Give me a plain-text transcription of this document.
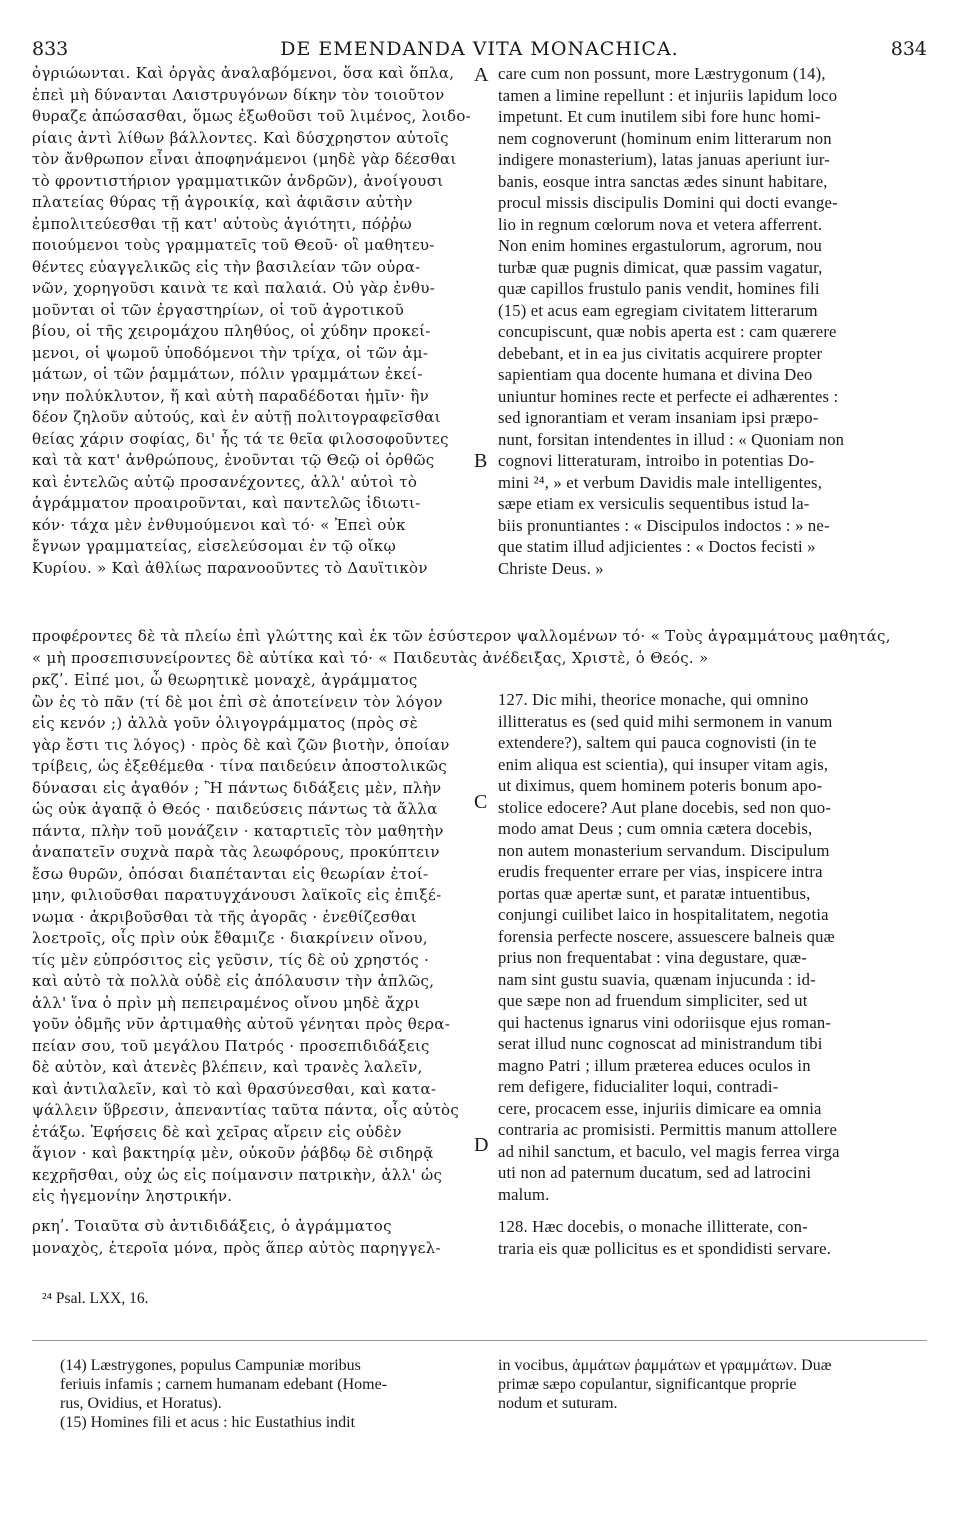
833	DE EMENDANDA VITA MONACHICA.	834
ὀγριώωνται. Καὶ ὀργὰς ἀναλαβόμενοι, ὅσα καὶ ὅπλα,
ἐπεὶ μὴ δύνανται Λαιστρυγόνων δίκην τὸν τοιοῦτον
θυραζε ἀπώσασθαι, ὅμως ἐξωθοῦσι τοῦ λιμένος, λοιδο-
ρίαις ἀντὶ λίθων βάλλοντες. Καὶ δύσχρηστον αὐτοῖς
τὸν ἄνθρωπον εἶναι ἀποφηνάμενοι (μηδὲ γὰρ δέεσθαι
τὸ φροντιστήριον γραμματικῶν ἀνδρῶν), ἀνοίγουσι
πλατείας θύρας τῇ ἀγροικίᾳ, καὶ ἀφιᾶσιν αὐτὴν
ἐμπολιτεύεσθαι τῇ κατ' αὐτοὺς ἁγιότητι, πόῤῥω
ποιούμενοι τοὺς γραμματεῖς τοῦ Θεοῦ· οἳ μαθητευ-
θέντες εὐαγγελικῶς εἰς τὴν βασιλείαν τῶν οὐρα-
νῶν, χορηγοῦσι καινὰ τε καὶ παλαιά. Οὐ γὰρ ἐνθυ-
μοῦνται οἱ τῶν ἐργαστηρίων, οἱ τοῦ ἀγροτικοῦ
βίου, οἱ τῆς χειρομάχου πληθύος, οἱ χύδην προκεί-
μενοι, οἱ ψωμοῦ ὑποδόμενοι τὴν τρίχα, οἱ τῶν ἀμ-
μάτων, οἱ τῶν ῥαμμάτων, πόλιν γραμμάτων ἐκεί-
νην πολύκλυτον, ἥ καὶ αὐτὴ παραδέδοται ἡμῖν· ἣν
δέον ζηλοῦν αὐτούς, καὶ ἐν αὐτῇ πολιτογραφεῖσθαι
θείας χάριν σοφίας, δι' ἧς τά τε θεῖα φιλοσοφοῦντες
καὶ τὰ κατ' ἀνθρώπους, ἑνοῦνται τῷ Θεῷ οἱ ὀρθῶς
καὶ ἐντελῶς αὐτῷ προσανέχοντες, ἀλλ' αὐτοὶ τὸ
ἀγράμματον προαιροῦνται, καὶ παντελῶς ἰδιωτι-
κόν· τάχα μὲν ἐνθυμούμενοι καὶ τό· « Ἐπεὶ οὐκ
ἔγνων γραμματείας, εἰσελεύσομαι ἐν τῷ οἴκῳ
Κυρίου. » Καὶ ἀθλίως παρανοοῦντες τὸ Δαυϊτικὸν
care cum non possunt, more Læstrygonum (14),
tamen a limine repellunt : et injuriis lapidum loco
impetunt. Et cum inutilem sibi fore hunc homi-
nem cognoverunt (hominum enim litterarum non
indigere monasterium), latas januas aperiunt iur-
banis, eosque intra sanctas ædes sinunt habitare,
procul missis discipulis Domini qui docti evange-
lio in regnum cœlorum nova et vetera afferrent.
Non enim homines ergastulorum, agrorum, nou
turbæ quæ pugnis dimicat, quæ passim vagatur,
quæ capillos frustulo panis vendit, homines fili
(15) et acus eam egregiam civitatem litterarum
concupiscunt, quæ nobis aperta est : cam quærere
debebant, et in ea jus civitatis acquirere propter
sapientiam qua docente humana et divina Deo
uniuntur homines recte et perfecte ei adhærentes :
sed ignorantiam et veram insaniam ipsi præpo-
nunt, forsitan intendentes in illud : « Quoniam non
cognovi litteraturam, introibo in potentias Do-
mini ²⁴, » et verbum Davidis male intelligentes,
sæpe etiam ex versiculis sequentibus istud la-
biis pronuntiantes : « Discipulos indoctos : » ne-
que statim illud adjicientes : « Doctos fecisti »
Christe Deus. »
προφέροντες δὲ τὰ πλείω ἐπὶ γλώττης καὶ ἐκ τῶν ἑσύστερον ψαλλομένων τό· « Τοὺς ἀγραμμάτους μαθητάς,
« μὴ προσεπισυνείροντες δὲ αὐτίκα καὶ τό· « Παιδευτὰς ἀνέδειξας, Χριστὲ, ὁ Θεός. »
ρκζʹ. Εἰπέ μοι, ὦ θεωρητικὲ μοναχὲ, ἀγράμματος
ὢν ἐς τὸ πᾶν (τί δὲ μοι ἐπὶ σὲ ἀποτείνειν τὸν λόγον
εἰς κενόν ;) ἀλλὰ γοῦν ὀλιγογράμματος (πρὸς σὲ
γὰρ ἔστι τις λόγος) · πρὸς δὲ καὶ ζῶν βιοτὴν, ὁποίαν
τρίβεις, ὡς ἐξεθέμεθα · τίνα παιδεύειν ἀποστολικῶς
δύνασαι εἰς ἀγαθόν ; Ἢ πάντως διδάξεις μὲν, πλὴν
ὡς οὐκ ἀγαπᾷ ὁ Θεός · παιδεύσεις πάντως τὰ ἄλλα
πάντα, πλὴν τοῦ μονάζειν · καταρτιεῖς τὸν μαθητὴν
ἀναπατεῖν συχνὰ παρὰ τὰς λεωφόρους, προκύπτειν
ἔσω θυρῶν, ὁπόσαι διαπέτανται εἰς θεωρίαν ἑτοί-
μην, φιλιοῦσθαι παρατυγχάνουσι λαϊκοῖς εἰς ἐπιξέ-
νωμα · ἀκριβοῦσθαι τὰ τῆς ἀγορᾶς · ἐνεθίζεσθαι
λοετροῖς, οἷς πρὶν οὐκ ἔθαμιζε · διακρίνειν οἴνου,
τίς μὲν εὐπρόσιτος εἰς γεῦσιν, τίς δὲ οὐ χρηστός ·
καὶ αὐτὸ τὰ πολλὰ οὐδὲ εἰς ἀπόλαυσιν τὴν ἁπλῶς,
ἀλλ' ἵνα ὁ πρὶν μὴ πεπειραμένος οἴνου μηδὲ ἄχρι
γοῦν ὀδμῆς νῦν ἀρτιμαθὴς αὐτοῦ γένηται πρὸς θερα-
πείαν σου, τοῦ μεγάλου Πατρός · προσεπιδιδάξεις
δὲ αὐτὸν, καὶ ἀτενὲς βλέπειν, καὶ τρανὲς λαλεῖν,
καὶ ἀντιλαλεῖν, καὶ τὸ καὶ θρασύνεσθαι, καὶ κατα-
ψάλλειν ὕβρεσιν, ἀπεναντίας ταῦτα πάντα, οἷς αὐτὸς
ἐτάξω. Ἐφήσεις δὲ καὶ χεῖρας αἴρειν εἰς οὐδὲν
ἅγιον · καὶ βακτηρίᾳ μὲν, οὐκοῦν ῥάβδῳ δὲ σιδηρᾷ
κεχρῆσθαι, οὐχ ὡς εἰς ποίμανσιν πατρικὴν, ἀλλ' ὡς
εἰς ἡγεμονίην ληστρικήν.
127. Dic mihi, theorice monache, qui omnino
illitteratus es (sed quid mihi sermonem in vanum
extendere?), saltem qui pauca cognovisti (in te
enim aliqua est scientia), qui insuper vitam agis,
ut diximus, quem hominem poteris bonum apo-
stolice edocere? Aut plane docebis, sed non quo-
modo amat Deus ; cum omnia cætera docebis,
non autem monasterium servandum. Discipulum
erudis frequenter errare per vias, inspicere intra
portas quæ apertæ sunt, et paratæ intuentibus,
conjungi cuilibet laico in hospitalitatem, negotia
forensia perfecte noscere, assuescere balneis quæ
prius non frequentabat : vina degustare, quæ-
nam sint gustu suavia, quænam injucunda : id-
que sæpe non ad fruendum simpliciter, sed ut
qui hactenus ignarus vini odoriisque ejus roman-
serat illud nunc cognoscat ad ministrandum tibi
magno Patri ; illum præterea educes oculos in
rem defigere, fiducialiter loqui, contradi-
cere, procacem esse, injuriis dimicare ea omnia
contraria ac promisisti. Permittis manum attollere
ad nihil sanctum, et baculo, vel magis ferrea virga
uti non ad paternum ducatum, sed ad latrocini
malum.
ρκηʹ. Τοιαῦτα σὺ ἀντιδιδάξεις, ὁ ἀγράμματος
μοναχὸς, ἑτεροῖα μόνα, πρὸς ἅπερ αὐτὸς παρηγγελ-
128. Hæc docebis, o monache illitterate, con-
traria eis quæ pollicitus es et spondidisti servare.
A
B
C
D
²⁴ Psal. LXX, 16.
(14) Læstrygones, populus Campuniæ moribus
feriuis infamis ; carnem humanam edebant (Home-
rus, Ovidius, et Horatus).
(15) Homines fili et acus : hic Eustathius indit
in vocibus, ἀμμάτων ῥαμμάτων et γραμμάτων. Duæ
primæ sæpo copulantur, significantque proprie
nodum et suturam.
